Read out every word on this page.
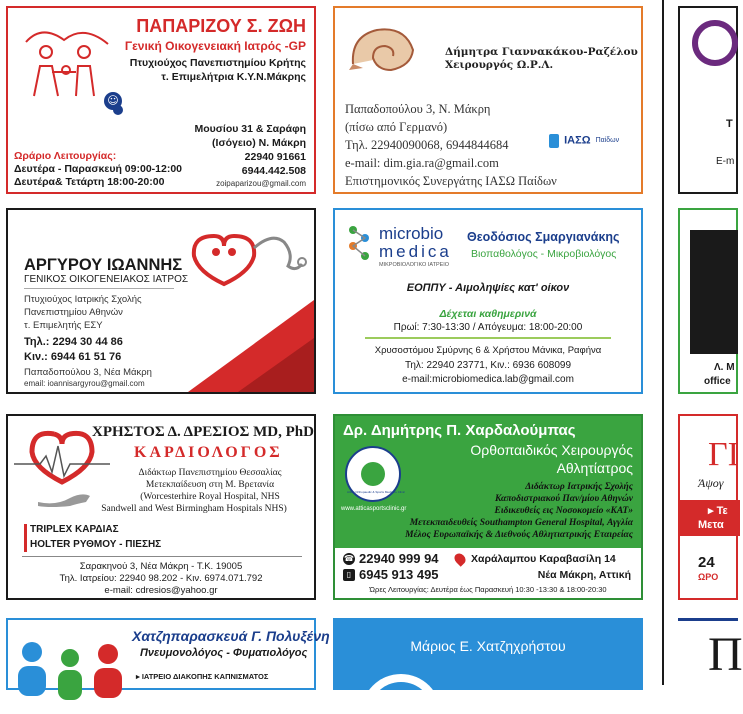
☺
ΠΑΠΑΡΙΖΟΥ Σ. ΖΩΗ
Γενική Οικογενειακή Ιατρός -GP
Πτυχιούχος Πανεπιστημίου Κρήτης
τ. Επιμελήτρια Κ.Υ.Ν.Μάκρης
Μουσίου 31 & Σαράφη
(Ισόγειο) Ν. Μάκρη
22940 91661
6944.442.508
zoipaparizou@gmail.com
Ωράριο Λειτουργίας:
Δευτέρα - Παρασκευή 09:00-12:00
Δευτέρα& Τετάρτη 18:00-20:00
Δήμητρα Γιαννακάκου-Ραζέλου
Χειρουργός Ω.Ρ.Λ.
Παπαδοπούλου 3, Ν. Μάκρη
(πίσω από Γερμανό)
Τηλ. 22940090068, 6944844684
e-mail: dim.gia.ra@gmail.com
Επιστημονικός Συνεργάτης ΙΑΣΩ Παίδων
ΙΑΣΩ Παίδων
ΑΡΓΥΡΟΥ ΙΩΑΝΝΗΣ
ΓΕΝΙΚΟΣ ΟΙΚΟΓΕΝΕΙΑΚΟΣ ΙΑΤΡΟΣ
Πτυχιούχος Ιατρικής Σχολής
Πανεπιστημίου Αθηνών
τ. Επιμελητής ΕΣΥ
Τηλ.: 2294 30 44 86
Κιν.: 6944 61 51 76
Παπαδοπούλου 3, Νέα Μάκρη
email: ioannisargyrou@gmail.com
microbio
medica
ΜΙΚΡΟΒΙΟΛΟΓΙΚΟ ΙΑΤΡΕΙΟ
Θεοδόσιος Σμαργιανάκης
Βιοπαθολόγος - Μικροβιολόγος
ΕΟΠΠΥ - Αιμοληψίες κατ' οίκον
Δέχεται καθημερινά
Πρωί: 7:30-13:30 / Απόγευμα: 18:00-20:00
Χρυσοστόμου Σμύρνης 6 & Χρήστου Μάνικα, Ραφήνα
Τηλ: 22940 23771, Κιν.: 6936 608099
e-mail:microbiomedica.lab@gmail.com
ΧΡΗΣΤΟΣ Δ. ΔΡΕΣΙΟΣ MD, PhD
ΚΑΡΔΙΟΛΟΓΟΣ
Διδάκτωρ Πανεπιστημίου Θεσσαλίας
Μετεκπαίδευση στη Μ. Βρετανία
(Worcesterhire Royal Hospital, NHS
Sandwell and West Birmingham Hospitals NHS)
TRIPLEX ΚΑΡΔΙΑΣ
HOLTER ΡΥΘΜΟΥ - ΠΙΕΣΗΣ
Σαρακηνού 3, Νέα Μάκρη - Τ.Κ. 19005
Τηλ. Ιατρείου: 22940 98.202 - Κιν. 6974.071.792
e-mail: cdresios@yahoo.gr
Δρ. Δημήτρης Π. Χαρδαλούμπας
Ορθοπαιδικός Χειρουργός
Αθλητίατρος
Attica Orthopaedic & Sports Medicine Clinic
www.atticasportsclinic.gr
Διδάκτωρ Ιατρικής Σχολής
Καποδιστριακού Παν/μίου Αθηνών
Ειδικευθείς εις Νοσοκομείο «ΚΑΤ»
Μετεκπαιδευθείς Southampton General Hospital, Αγγλία
Μέλος Ευρωπαϊκής & Διεθνούς Αθλητιατρικής Εταιρείας
☎ 22940 999 94	Χαράλαμπου Καραβασίλη 14
▯ 6945 913 495	Νέα Μάκρη, Αττική
Ώρες Λειτουργίας: Δευτέρα έως Παρασκευή 10:30 -13:30 & 18:00-20:30
Χατζηπαρασκευά Γ. Πολυξένη
Πνευμονολόγος - Φυματιολόγος
▸ ΙΑΤΡΕΙΟ ΔΙΑΚΟΠΗΣ ΚΑΠΝΙΣΜΑΤΟΣ
Μάριος Ε. Χατζηχρήστου
Τ
E-m
Λ. Μ
office
ΓΙ
Άψογ
▸ Τε
Μετα
24
ΩΡΟ
Π
